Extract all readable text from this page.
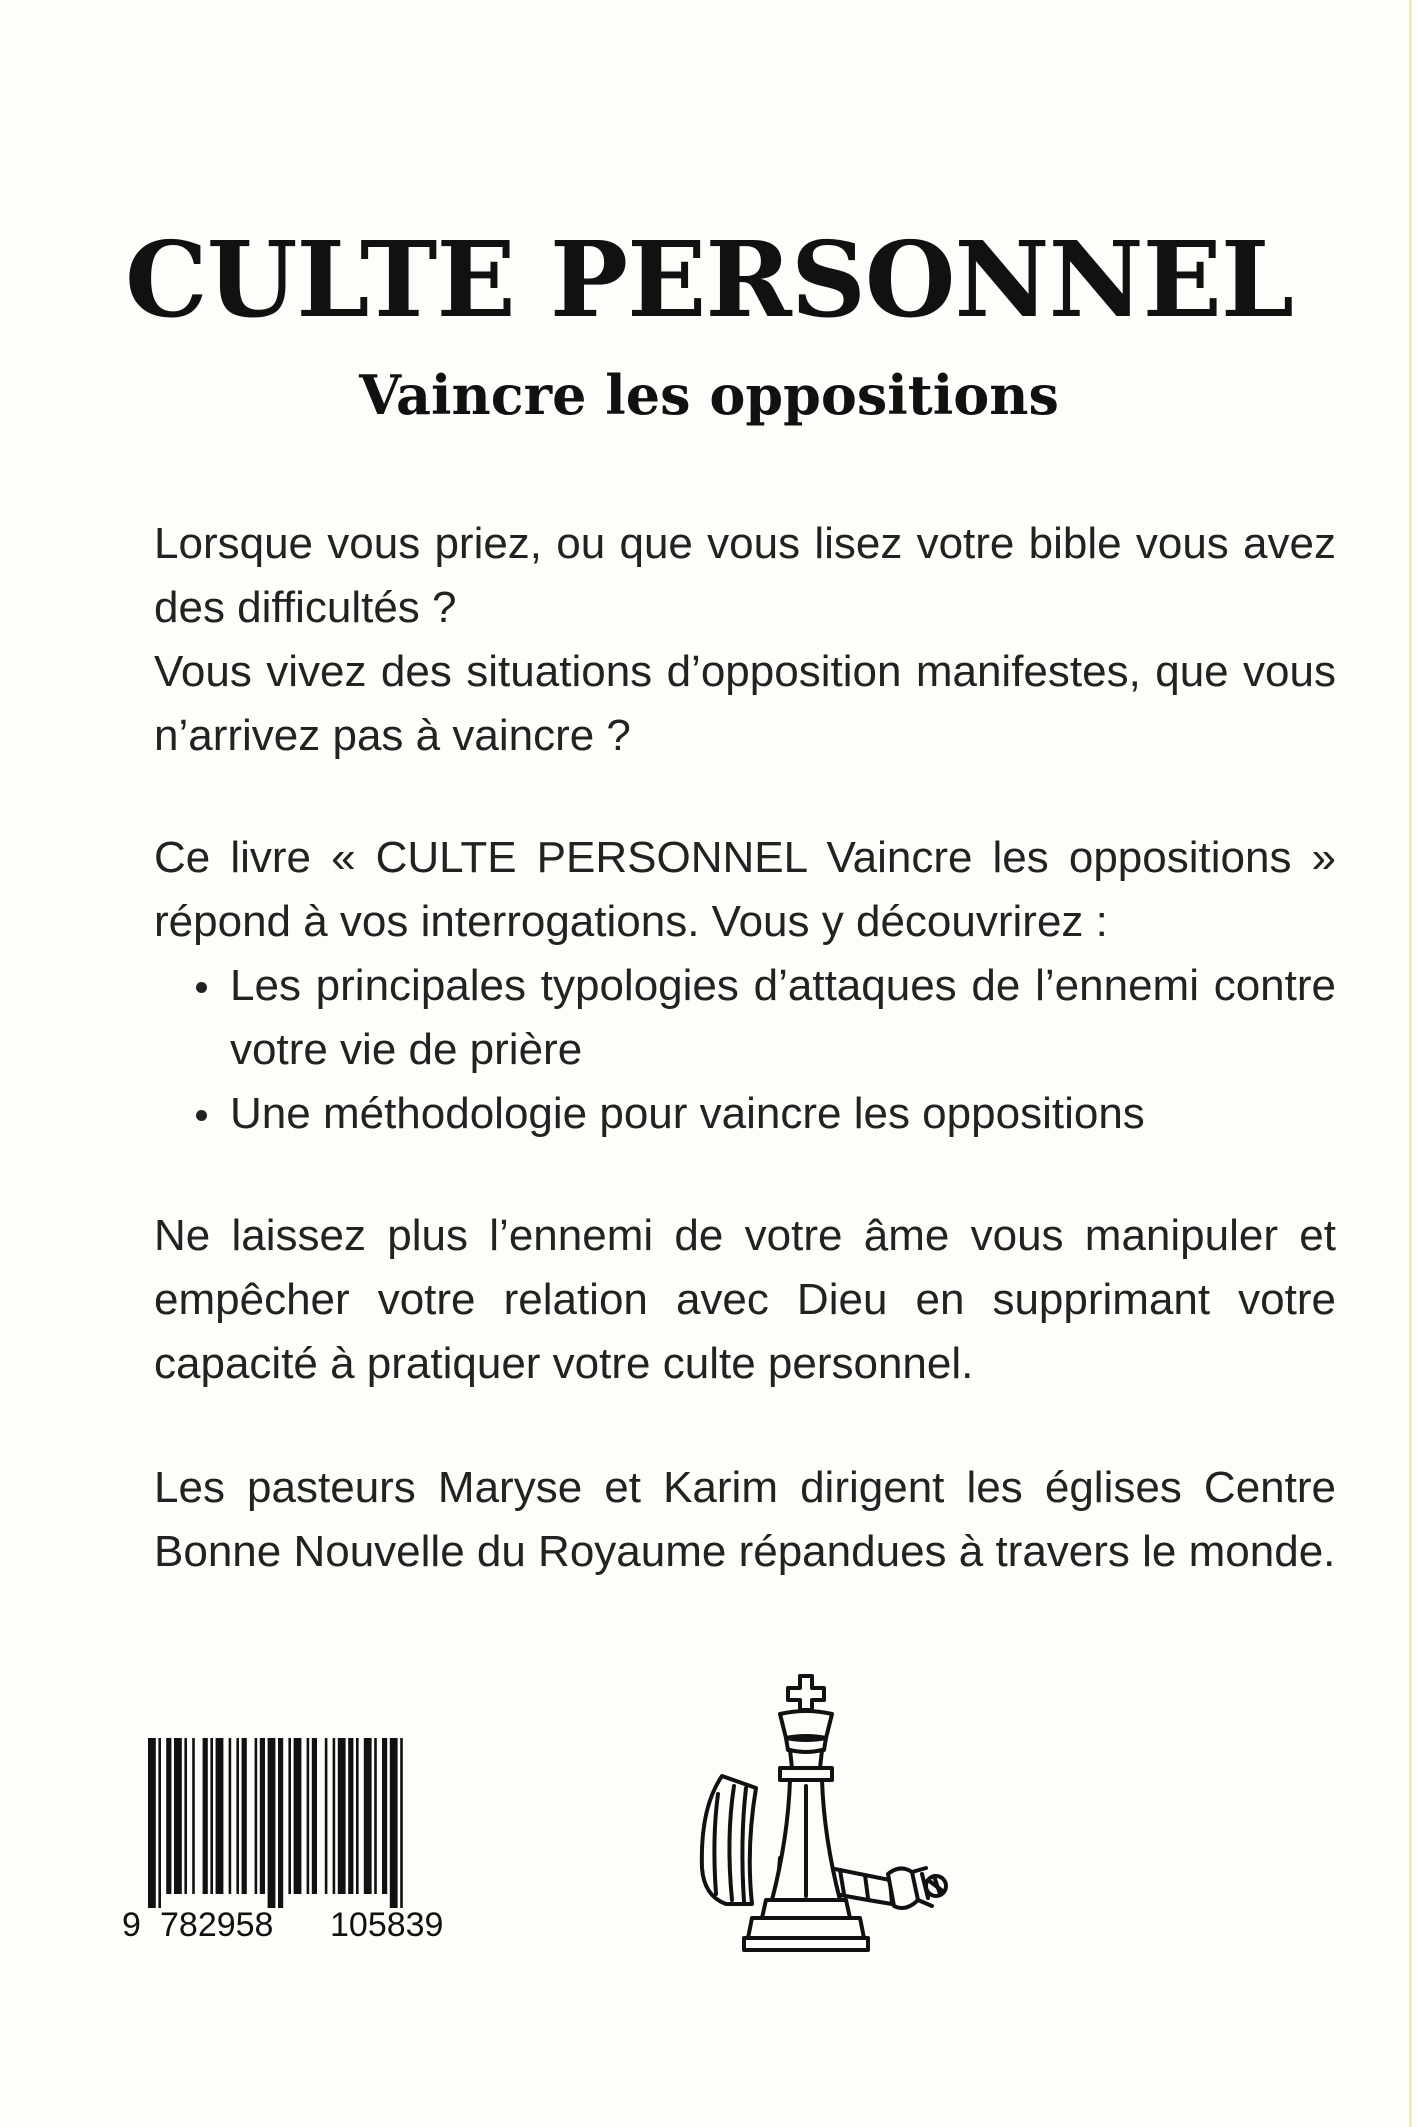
CULTE PERSONNEL
Vaincre les oppositions

Lorsque vous priez, ou que vous lisez votre bible vous avez des difficultés ?

Vous vivez des situations d’opposition manifestes, que vous n’arrivez pas à vaincre ?

Ce livre « CULTE PERSONNEL Vaincre les oppositions » répond à vos interrogations. Vous y découvrirez :

Les principales typologies d’attaques de l’ennemi contre votre vie de prière
Une méthodologie pour vaincre les oppositions

Ne laissez plus l’ennemi de votre âme vous manipuler et empêcher votre relation avec Dieu en supprimant votre capacité à pratiquer votre culte personnel.

Les pasteurs Maryse et Karim dirigent les églises Centre Bonne Nouvelle du Royaume répandues à travers le monde.

9 782958 105839
